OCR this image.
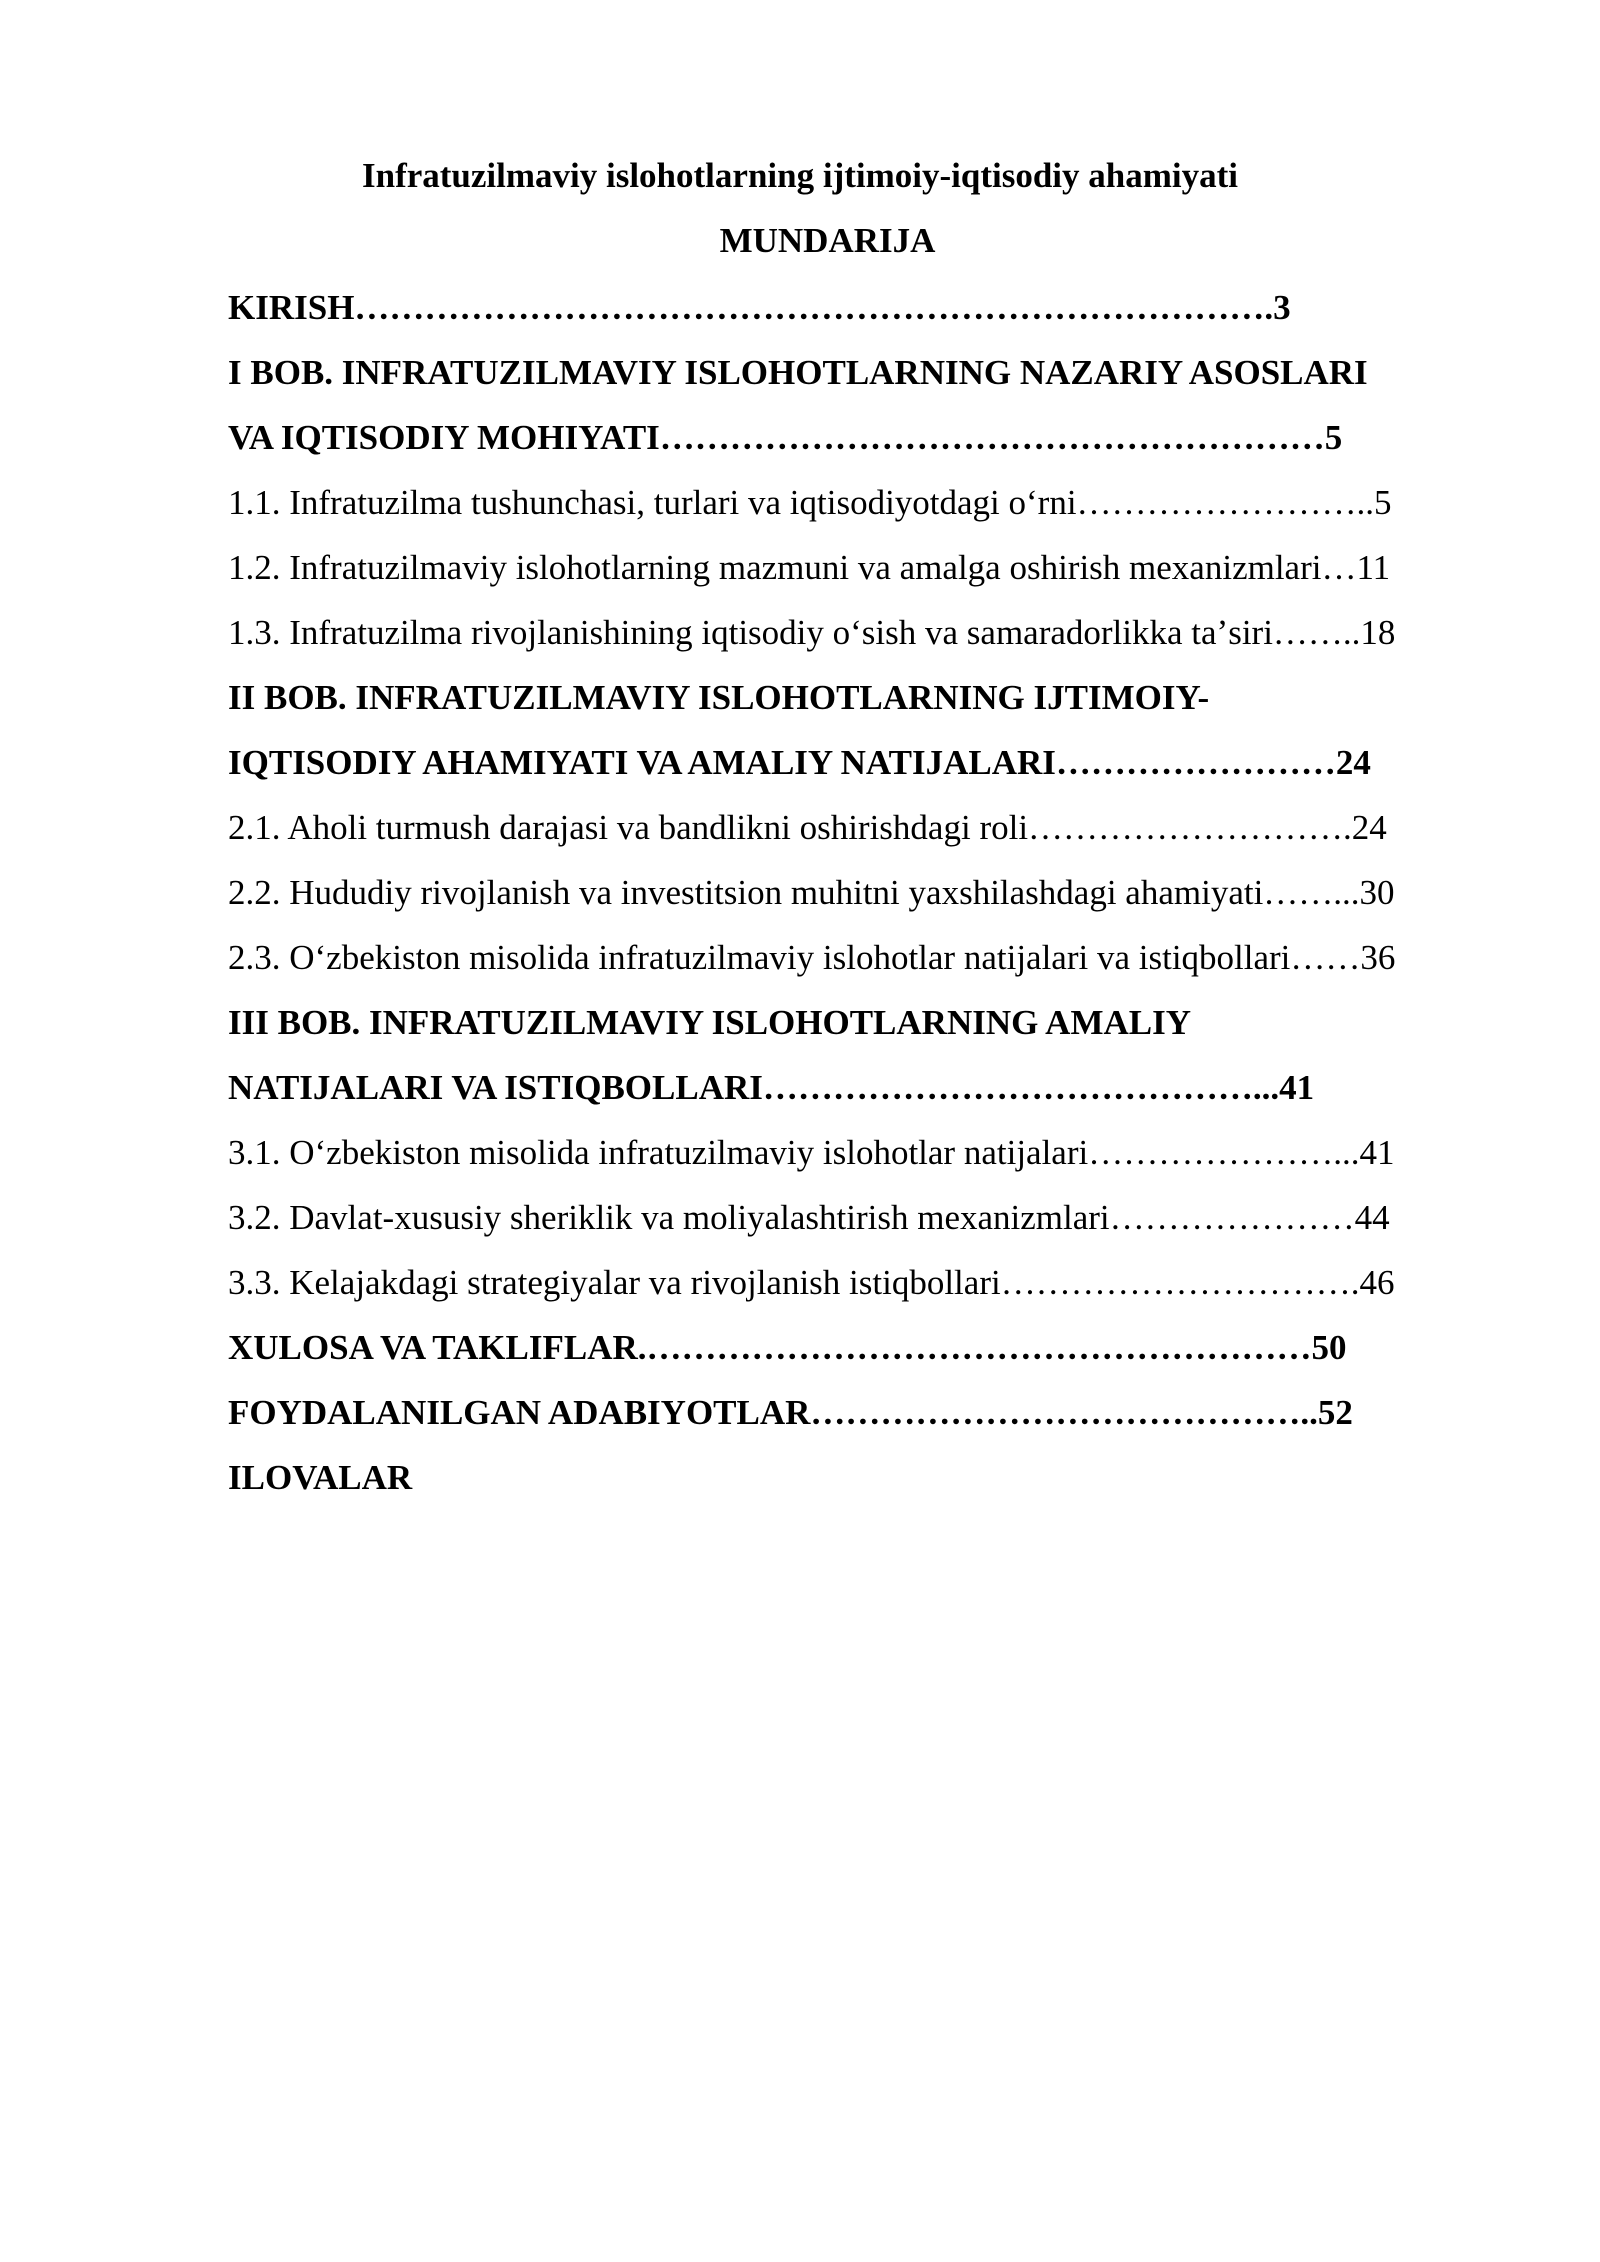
Infratuzilmaviy islohotlarning ijtimoiy-iqtisodiy ahamiyati
MUNDARIJA
KIRISH…………………………………………………………………….3
I BOB. INFRATUZILMAVIY ISLOHOTLARNING NAZARIY ASOSLARI
VA IQTISODIY MOHIYATI…………………………………………………5
1.1. Infratuzilma tushunchasi, turlari va iqtisodiyotdagi oʻrni……………………..5
1.2. Infratuzilmaviy islohotlarning mazmuni va amalga oshirish mexanizmlari…11
1.3. Infratuzilma rivojlanishining iqtisodiy oʻsish va samaradorlikka taʼsiri……..18
II BOB. INFRATUZILMAVIY ISLOHOTLARNING IJTIMOIY-
IQTISODIY AHAMIYATI VA AMALIY NATIJALARI……………………24
2.1. Aholi turmush darajasi va bandlikni oshirishdagi roli……………………….24
2.2. Hududiy rivojlanish va investitsion muhitni yaxshilashdagi ahamiyati……...30
2.3. Oʻzbekiston misolida infratuzilmaviy islohotlar natijalari va istiqbollari……36
III BOB. INFRATUZILMAVIY ISLOHOTLARNING AMALIY
NATIJALARI VA ISTIQBOLLARI……………………………………...41
3.1. Oʻzbekiston misolida infratuzilmaviy islohotlar natijalari…………………...41
3.2. Davlat-xususiy sheriklik va moliyalashtirish mexanizmlari…………………44
3.3. Kelajakdagi strategiyalar va rivojlanish istiqbollari………………………….46
XULOSA VA TAKLIFLAR.…………………………………………………50
FOYDALANILGAN ADABIYOTLAR……………………………………..52
ILOVALAR
